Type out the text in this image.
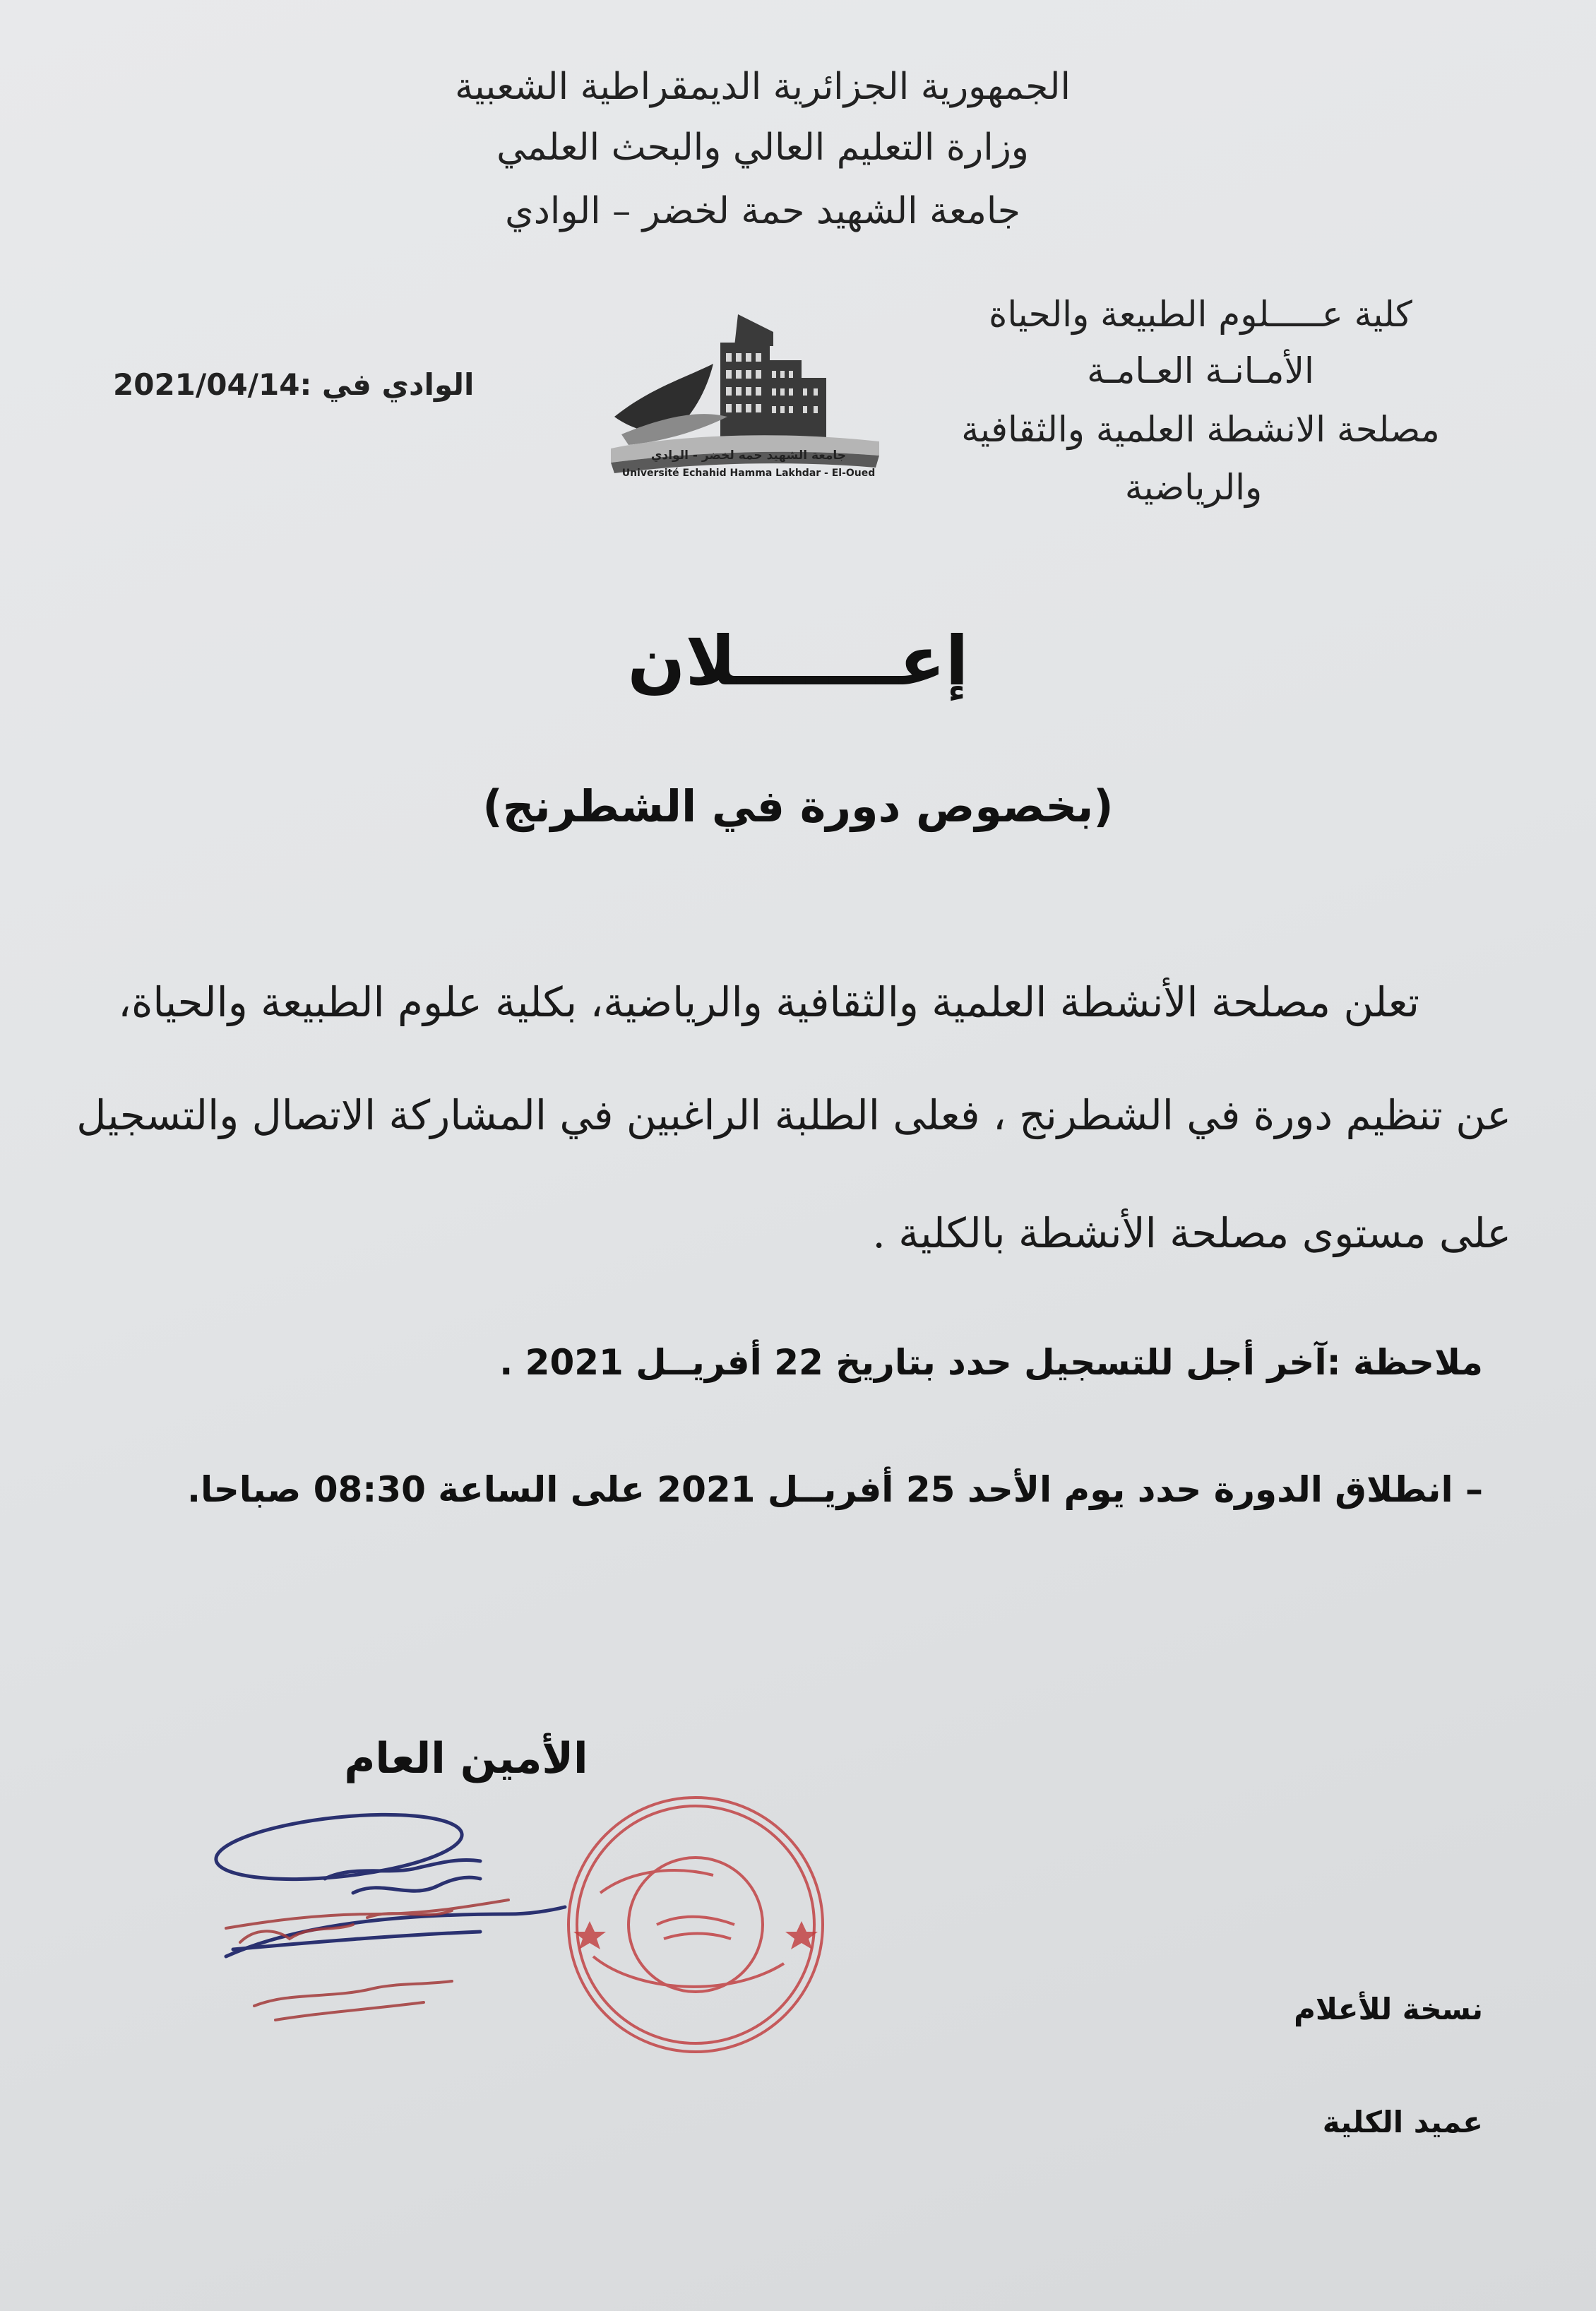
الجمهورية الجزائرية الديمقراطية الشعبية
وزارة التعليم العالي والبحث العلمي
جامعة الشهيد حمة لخضر – الوادي
كلية عـــــلوم الطبيعة والحياة
الأمـانـة العـامـة
مصلحة الانشطة العلمية والثقافية
والرياضية
الوادي في :2021/04/14
جامعة الشهيد حمه لخضر - الوادي
Université Echahid Hamma Lakhdar - El-Oued
إعـــــــلان
(بخصوص دورة في الشطرنج)
تعلن مصلحة الأنشطة العلمية والثقافية والرياضية، بكلية علوم الطبيعة والحياة،
عن تنظيم دورة في الشطرنج ، فعلى الطلبة الراغبين في المشاركة الاتصال والتسجيل
على مستوى مصلحة الأنشطة بالكلية .
ملاحظة :آخر أجل للتسجيل حدد بتاريخ 22 أفريــل 2021 .
– انطلاق الدورة حدد يوم الأحد 25 أفريــل 2021 على الساعة 08:30 صباحا.
الأمين العام
نسخة للأعلام
عميد الكلية
